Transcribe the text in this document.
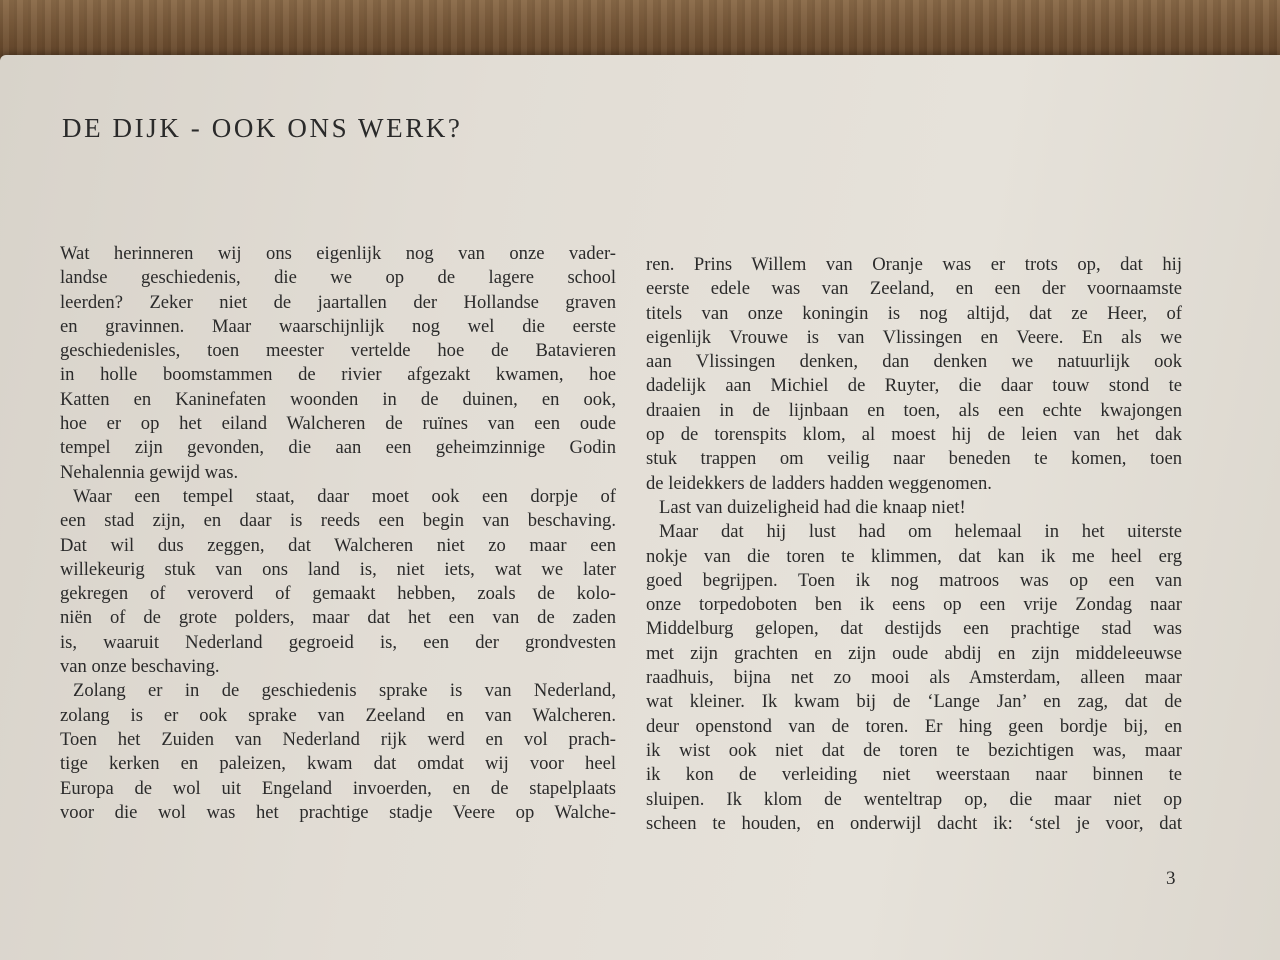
DE DIJK - OOK ONS WERK?
Wat herinneren wij ons eigenlijk nog van onze vader-
landse geschiedenis, die we op de lagere school
leerden? Zeker niet de jaartallen der Hollandse graven
en gravinnen. Maar waarschijnlijk nog wel die eerste
geschiedenisles, toen meester vertelde hoe de Batavieren
in holle boomstammen de rivier afgezakt kwamen, hoe
Katten en Kaninefaten woonden in de duinen, en ook,
hoe er op het eiland Walcheren de ruïnes van een oude
tempel zijn gevonden, die aan een geheimzinnige Godin
Nehalennia gewijd was.
Waar een tempel staat, daar moet ook een dorpje of
een stad zijn, en daar is reeds een begin van beschaving.
Dat wil dus zeggen, dat Walcheren niet zo maar een
willekeurig stuk van ons land is, niet iets, wat we later
gekregen of veroverd of gemaakt hebben, zoals de kolo-
niën of de grote polders, maar dat het een van de zaden
is, waaruit Nederland gegroeid is, een der grondvesten
van onze beschaving.
Zolang er in de geschiedenis sprake is van Nederland,
zolang is er ook sprake van Zeeland en van Walcheren.
Toen het Zuiden van Nederland rijk werd en vol prach-
tige kerken en paleizen, kwam dat omdat wij voor heel
Europa de wol uit Engeland invoerden, en de stapelplaats
voor die wol was het prachtige stadje Veere op Walche-
ren. Prins Willem van Oranje was er trots op, dat hij
eerste edele was van Zeeland, en een der voornaamste
titels van onze koningin is nog altijd, dat ze Heer, of
eigenlijk Vrouwe is van Vlissingen en Veere. En als we
aan Vlissingen denken, dan denken we natuurlijk ook
dadelijk aan Michiel de Ruyter, die daar touw stond te
draaien in de lijnbaan en toen, als een echte kwajongen
op de torenspits klom, al moest hij de leien van het dak
stuk trappen om veilig naar beneden te komen, toen
de leidekkers de ladders hadden weggenomen.
Last van duizeligheid had die knaap niet!
Maar dat hij lust had om helemaal in het uiterste
nokje van die toren te klimmen, dat kan ik me heel erg
goed begrijpen. Toen ik nog matroos was op een van
onze torpedoboten ben ik eens op een vrije Zondag naar
Middelburg gelopen, dat destijds een prachtige stad was
met zijn grachten en zijn oude abdij en zijn middeleeuwse
raadhuis, bijna net zo mooi als Amsterdam, alleen maar
wat kleiner. Ik kwam bij de ‘Lange Jan’ en zag, dat de
deur openstond van de toren. Er hing geen bordje bij, en
ik wist ook niet dat de toren te bezichtigen was, maar
ik kon de verleiding niet weerstaan naar binnen te
sluipen. Ik klom de wenteltrap op, die maar niet op
scheen te houden, en onderwijl dacht ik: ‘stel je voor, dat
3
